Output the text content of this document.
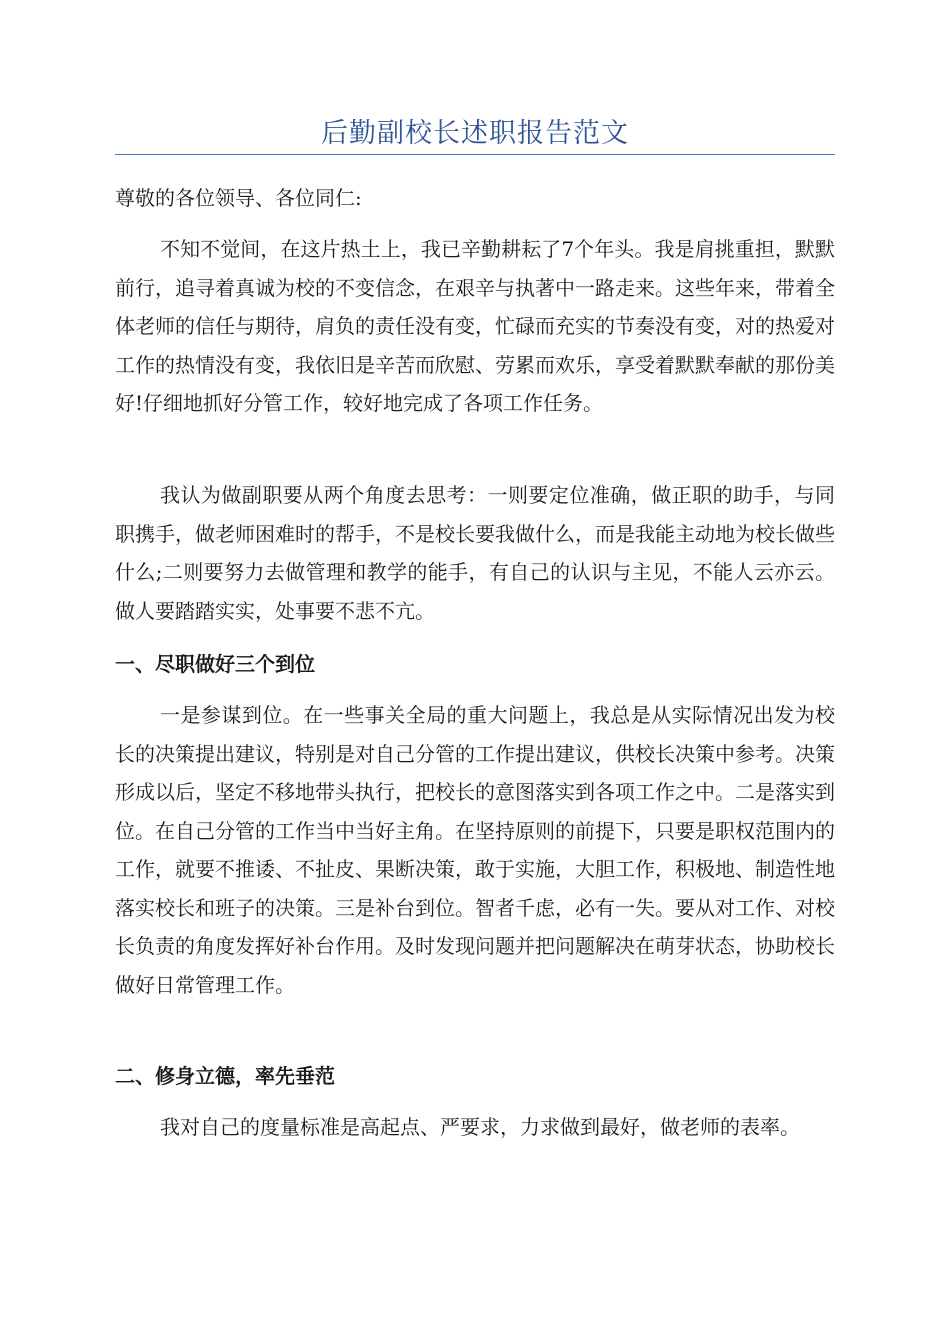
后勤副校长述职报告范文
尊敬的各位领导、各位同仁:

不知不觉间，在这片热土上，我已辛勤耕耘了7个年头。我是肩挑重担，默默前行，追寻着真诚为校的不变信念，在艰辛与执著中一路走来。这些年来，带着全体老师的信任与期待，肩负的责任没有变，忙碌而充实的节奏没有变，对的热爱对工作的热情没有变，我依旧是辛苦而欣慰、劳累而欢乐，享受着默默奉献的那份美好!仔细地抓好分管工作，较好地完成了各项工作任务。

我认为做副职要从两个角度去思考：一则要定位准确，做正职的助手，与同职携手，做老师困难时的帮手，不是校长要我做什么，而是我能主动地为校长做些什么;二则要努力去做管理和教学的能手，有自己的认识与主见，不能人云亦云。做人要踏踏实实，处事要不悲不亢。

一、尽职做好三个到位

一是参谋到位。在一些事关全局的重大问题上，我总是从实际情况出发为校长的决策提出建议，特别是对自己分管的工作提出建议，供校长决策中参考。决策形成以后，坚定不移地带头执行，把校长的意图落实到各项工作之中。二是落实到位。在自己分管的工作当中当好主角。在坚持原则的前提下，只要是职权范围内的工作，就要不推诿、不扯皮、果断决策，敢于实施，大胆工作，积极地、制造性地落实校长和班子的决策。三是补台到位。智者千虑，必有一失。要从对工作、对校长负责的角度发挥好补台作用。及时发现问题并把问题解决在萌芽状态，协助校长做好日常管理工作。

二、修身立德，率先垂范

我对自己的度量标准是高起点、严要求，力求做到最好，做老师的表率。
